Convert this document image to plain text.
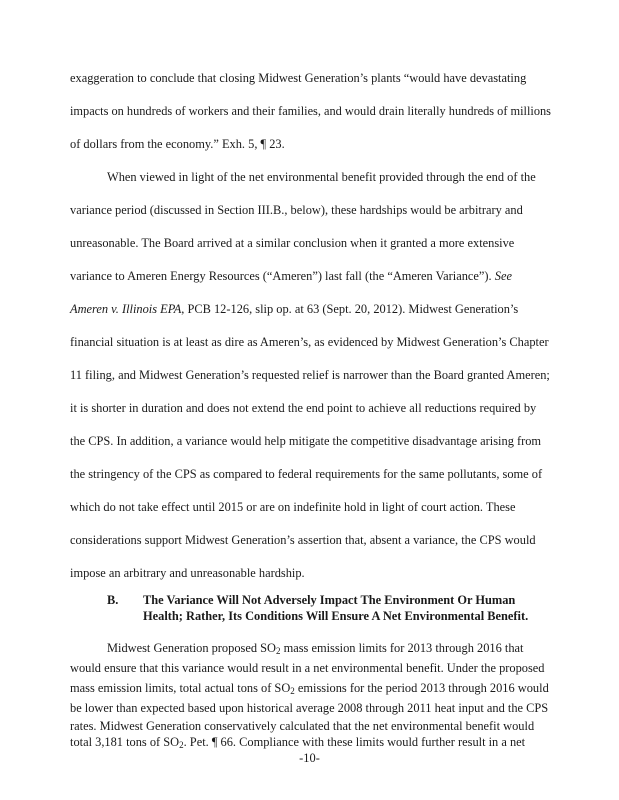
exaggeration to conclude that closing Midwest Generation’s plants “would have devastating
impacts on hundreds of workers and their families, and would drain literally hundreds of millions
of dollars from the economy.” Exh. 5, ¶ 23.
When viewed in light of the net environmental benefit provided through the end of the
variance period (discussed in Section III.B., below), these hardships would be arbitrary and
unreasonable. The Board arrived at a similar conclusion when it granted a more extensive
variance to Ameren Energy Resources (“Ameren”) last fall (the “Ameren Variance”). See
Ameren v. Illinois EPA, PCB 12-126, slip op. at 63 (Sept. 20, 2012). Midwest Generation’s
financial situation is at least as dire as Ameren’s, as evidenced by Midwest Generation’s Chapter
11 filing, and Midwest Generation’s requested relief is narrower than the Board granted Ameren;
it is shorter in duration and does not extend the end point to achieve all reductions required by
the CPS. In addition, a variance would help mitigate the competitive disadvantage arising from
the stringency of the CPS as compared to federal requirements for the same pollutants, some of
which do not take effect until 2015 or are on indefinite hold in light of court action. These
considerations support Midwest Generation’s assertion that, absent a variance, the CPS would
impose an arbitrary and unreasonable hardship.
B. The Variance Will Not Adversely Impact The Environment Or Human
Health; Rather, Its Conditions Will Ensure A Net Environmental Benefit.
Midwest Generation proposed $SO_2$ mass emission limits for 2013 through 2016 that
would ensure that this variance would result in a net environmental benefit. Under the proposed
mass emission limits, total actual tons of $SO_2$ emissions for the period 2013 through 2016 would
be lower than expected based upon historical average 2008 through 2011 heat input and the CPS
rates. Midwest Generation conservatively calculated that the net environmental benefit would
total 3,181 tons of $SO_2$. Pet. ¶ 66. Compliance with these limits would further result in a net
-10-
